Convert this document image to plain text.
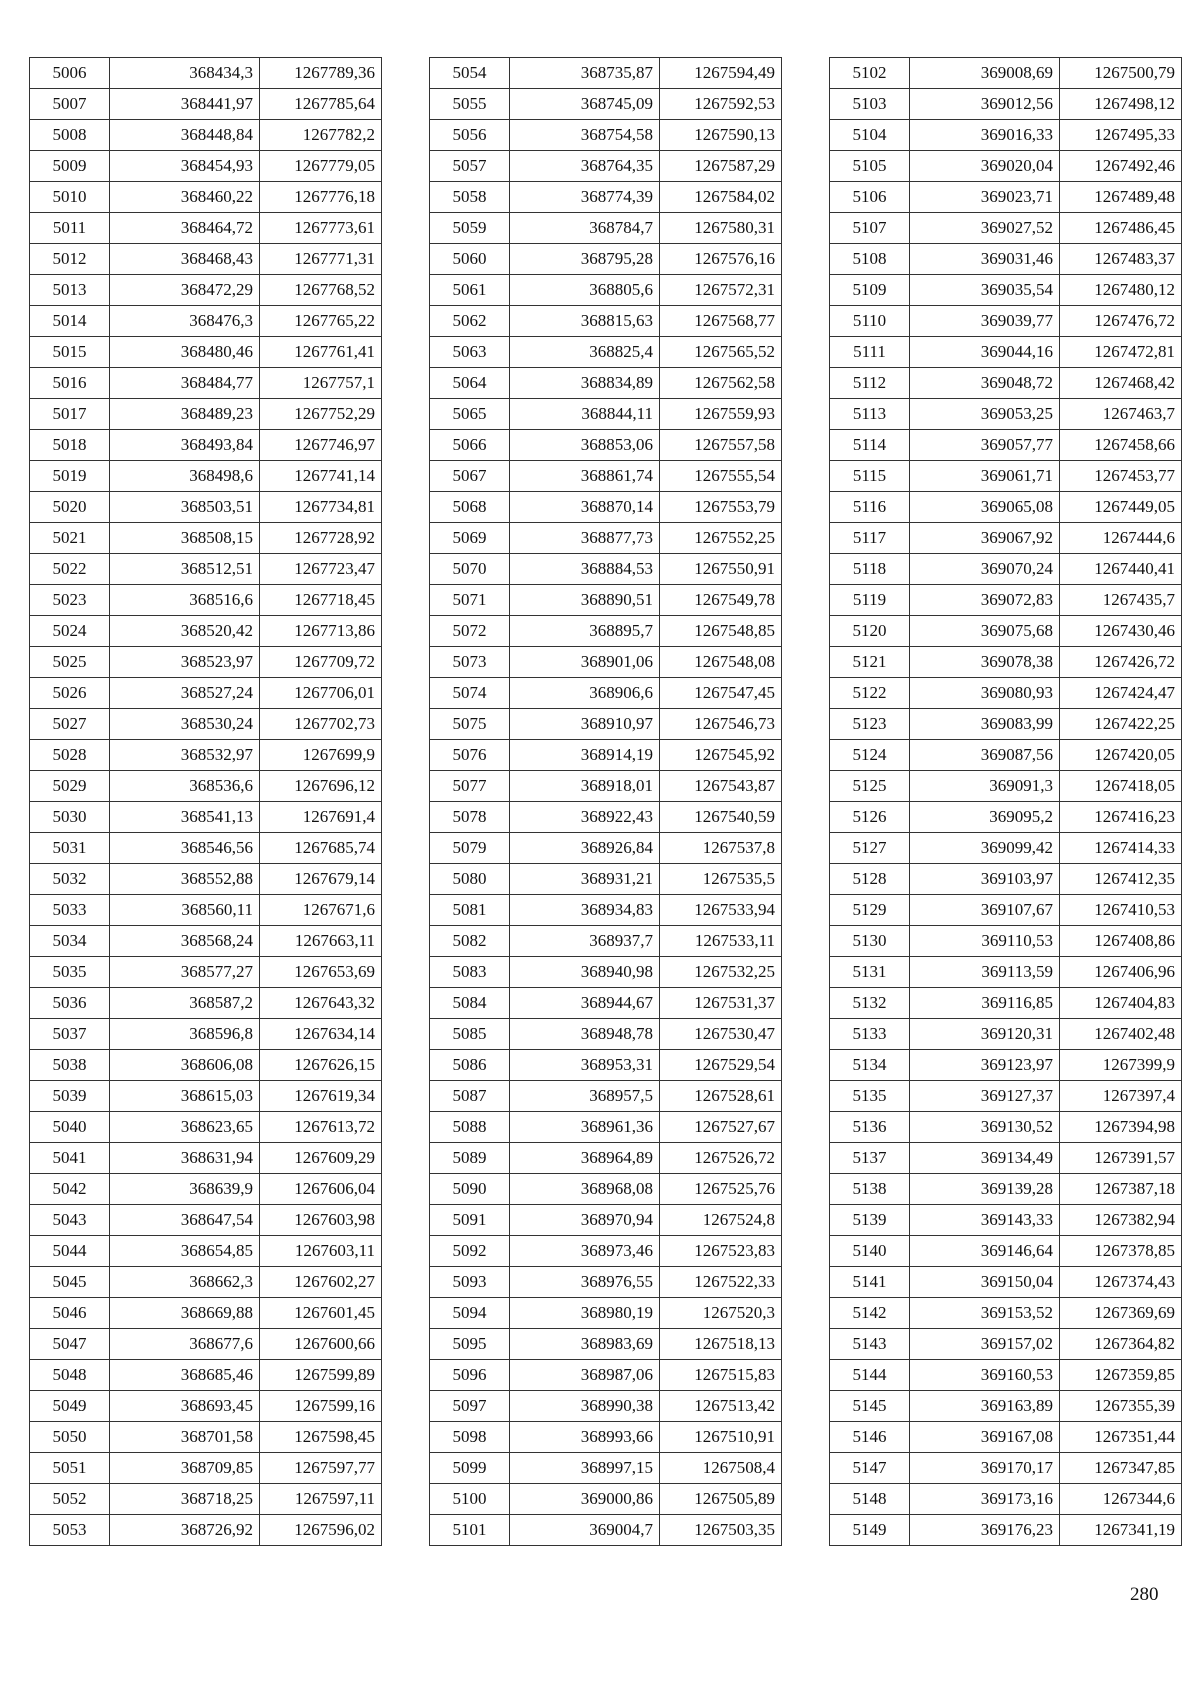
5006	368434,3	1267789,36
5007	368441,97	1267785,64
5008	368448,84	1267782,2
5009	368454,93	1267779,05
5010	368460,22	1267776,18
5011	368464,72	1267773,61
5012	368468,43	1267771,31
5013	368472,29	1267768,52
5014	368476,3	1267765,22
5015	368480,46	1267761,41
5016	368484,77	1267757,1
5017	368489,23	1267752,29
5018	368493,84	1267746,97
5019	368498,6	1267741,14
5020	368503,51	1267734,81
5021	368508,15	1267728,92
5022	368512,51	1267723,47
5023	368516,6	1267718,45
5024	368520,42	1267713,86
5025	368523,97	1267709,72
5026	368527,24	1267706,01
5027	368530,24	1267702,73
5028	368532,97	1267699,9
5029	368536,6	1267696,12
5030	368541,13	1267691,4
5031	368546,56	1267685,74
5032	368552,88	1267679,14
5033	368560,11	1267671,6
5034	368568,24	1267663,11
5035	368577,27	1267653,69
5036	368587,2	1267643,32
5037	368596,8	1267634,14
5038	368606,08	1267626,15
5039	368615,03	1267619,34
5040	368623,65	1267613,72
5041	368631,94	1267609,29
5042	368639,9	1267606,04
5043	368647,54	1267603,98
5044	368654,85	1267603,11
5045	368662,3	1267602,27
5046	368669,88	1267601,45
5047	368677,6	1267600,66
5048	368685,46	1267599,89
5049	368693,45	1267599,16
5050	368701,58	1267598,45
5051	368709,85	1267597,77
5052	368718,25	1267597,11
5053	368726,92	1267596,02
5054	368735,87	1267594,49
5055	368745,09	1267592,53
5056	368754,58	1267590,13
5057	368764,35	1267587,29
5058	368774,39	1267584,02
5059	368784,7	1267580,31
5060	368795,28	1267576,16
5061	368805,6	1267572,31
5062	368815,63	1267568,77
5063	368825,4	1267565,52
5064	368834,89	1267562,58
5065	368844,11	1267559,93
5066	368853,06	1267557,58
5067	368861,74	1267555,54
5068	368870,14	1267553,79
5069	368877,73	1267552,25
5070	368884,53	1267550,91
5071	368890,51	1267549,78
5072	368895,7	1267548,85
5073	368901,06	1267548,08
5074	368906,6	1267547,45
5075	368910,97	1267546,73
5076	368914,19	1267545,92
5077	368918,01	1267543,87
5078	368922,43	1267540,59
5079	368926,84	1267537,8
5080	368931,21	1267535,5
5081	368934,83	1267533,94
5082	368937,7	1267533,11
5083	368940,98	1267532,25
5084	368944,67	1267531,37
5085	368948,78	1267530,47
5086	368953,31	1267529,54
5087	368957,5	1267528,61
5088	368961,36	1267527,67
5089	368964,89	1267526,72
5090	368968,08	1267525,76
5091	368970,94	1267524,8
5092	368973,46	1267523,83
5093	368976,55	1267522,33
5094	368980,19	1267520,3
5095	368983,69	1267518,13
5096	368987,06	1267515,83
5097	368990,38	1267513,42
5098	368993,66	1267510,91
5099	368997,15	1267508,4
5100	369000,86	1267505,89
5101	369004,7	1267503,35
5102	369008,69	1267500,79
5103	369012,56	1267498,12
5104	369016,33	1267495,33
5105	369020,04	1267492,46
5106	369023,71	1267489,48
5107	369027,52	1267486,45
5108	369031,46	1267483,37
5109	369035,54	1267480,12
5110	369039,77	1267476,72
5111	369044,16	1267472,81
5112	369048,72	1267468,42
5113	369053,25	1267463,7
5114	369057,77	1267458,66
5115	369061,71	1267453,77
5116	369065,08	1267449,05
5117	369067,92	1267444,6
5118	369070,24	1267440,41
5119	369072,83	1267435,7
5120	369075,68	1267430,46
5121	369078,38	1267426,72
5122	369080,93	1267424,47
5123	369083,99	1267422,25
5124	369087,56	1267420,05
5125	369091,3	1267418,05
5126	369095,2	1267416,23
5127	369099,42	1267414,33
5128	369103,97	1267412,35
5129	369107,67	1267410,53
5130	369110,53	1267408,86
5131	369113,59	1267406,96
5132	369116,85	1267404,83
5133	369120,31	1267402,48
5134	369123,97	1267399,9
5135	369127,37	1267397,4
5136	369130,52	1267394,98
5137	369134,49	1267391,57
5138	369139,28	1267387,18
5139	369143,33	1267382,94
5140	369146,64	1267378,85
5141	369150,04	1267374,43
5142	369153,52	1267369,69
5143	369157,02	1267364,82
5144	369160,53	1267359,85
5145	369163,89	1267355,39
5146	369167,08	1267351,44
5147	369170,17	1267347,85
5148	369173,16	1267344,6
5149	369176,23	1267341,19
280
